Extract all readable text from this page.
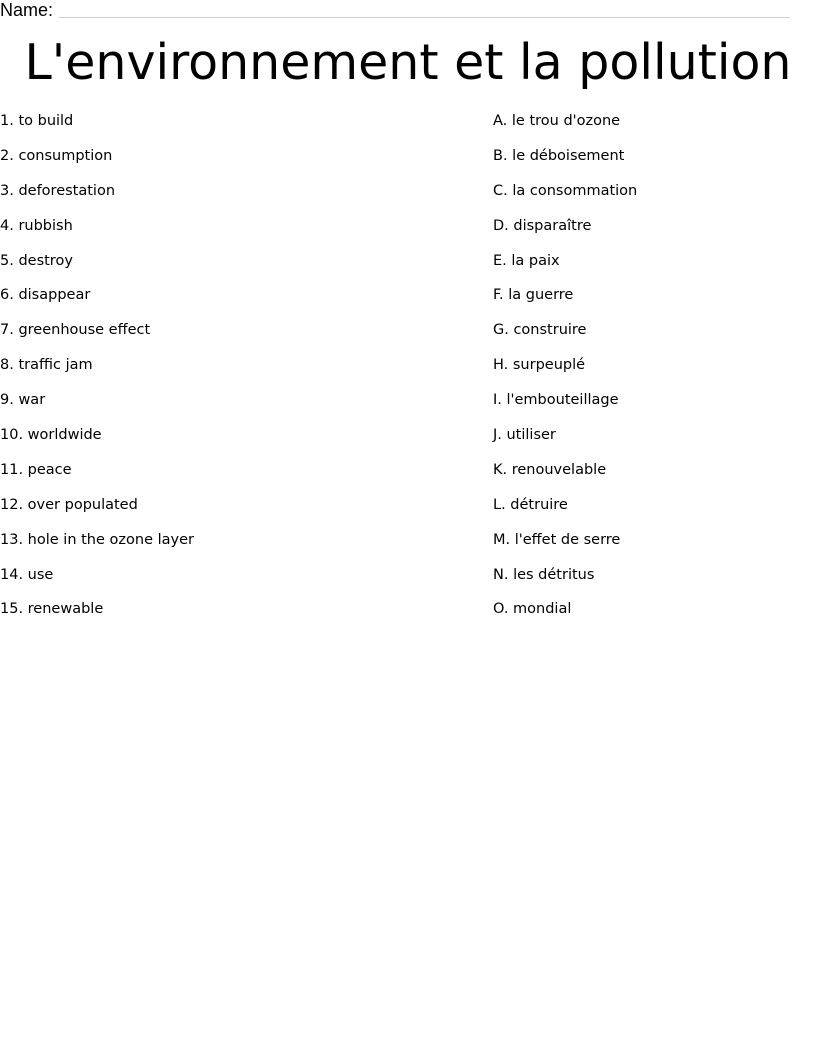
Name:
L'environnement et la pollution
1. to build
2. consumption
3. deforestation
4. rubbish
5. destroy
6. disappear
7. greenhouse effect
8. traffic jam
9. war
10. worldwide
11. peace
12. over populated
13. hole in the ozone layer
14. use
15. renewable
A. le trou d'ozone
B. le déboisement
C. la consommation
D. disparaître
E. la paix
F. la guerre
G. construire
H. surpeuplé
I. l'embouteillage
J. utiliser
K. renouvelable
L. détruire
M. l'effet de serre
N. les détritus
O. mondial
